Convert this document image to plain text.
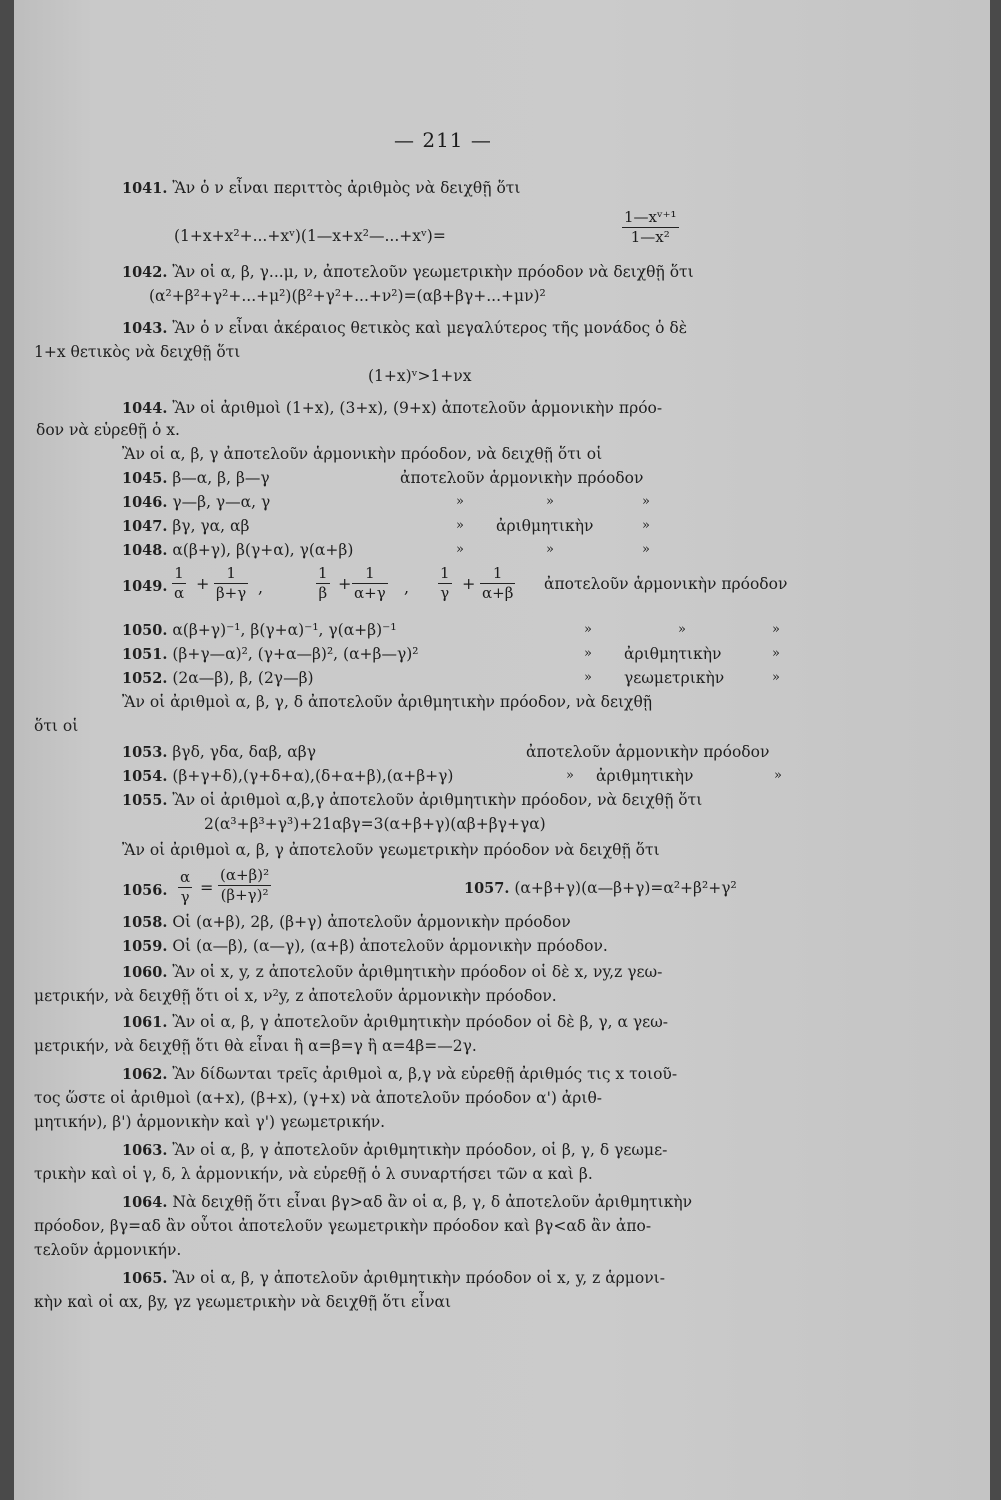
— 211 —
1041. Ἂν ὁ ν εἶναι περιττὸς ἀριθμὸς νὰ δειχθῇ ὅτι
(1+x+x²+...+xᵛ)(1—x+x²—...+xᵛ)=	$\frac{\text{1—xᵛ⁺¹}}{\text{1—x²}}$
1042. Ἂν οἱ α, β, γ...μ, ν, ἀποτελοῦν γεωμετρικὴν πρόοδον νὰ δειχθῇ ὅτι
(α²+β²+γ²+...+μ²)(β²+γ²+...+ν²)=(αβ+βγ+...+μν)²
1043. Ἂν ὁ ν εἶναι ἀκέραιος θετικὸς καὶ μεγαλύτερος τῆς μονάδος ὁ δὲ
1+x θετικὸς νὰ δειχθῇ ὅτι
(1+x)ᵛ>1+νx
1044. Ἂν οἱ ἀριθμοὶ (1+x), (3+x), (9+x) ἀποτελοῦν ἁρμονικὴν πρόο-
δον νὰ εὑρεθῇ ὁ x.
Ἂν οἱ α, β, γ ἀποτελοῦν ἁρμονικὴν πρόοδον, νὰ δειχθῇ ὅτι οἱ
1045. β—α, β, β—γ	ἀποτελοῦν ἁρμονικὴν πρόοδον
1046. γ—β, γ—α, γ	»	»	»
1047. βγ, γα, αβ	» ἀριθμητικὴν	»
1048. α(β+γ), β(γ+α), γ(α+β)	»	»	»
1049. $\frac{1}{\alpha} + \frac{1}{\beta+\gamma}$ ,	$\frac{1}{\beta} + \frac{1}{\alpha+\gamma}$ , $\frac{1}{\gamma} + \frac{1}{\alpha+\beta}$ ἀποτελοῦν ἁρμονικὴν πρόοδον
1050. α(β+γ)⁻¹, β(γ+α)⁻¹, γ(α+β)⁻¹	»	»	»
1051. (β+γ—α)², (γ+α—β)², (α+β—γ)²	» ἀριθμητικὴν	»
1052. (2α—β), β, (2γ—β)	» γεωμετρικὴν	»
Ἂν οἱ ἀριθμοὶ α, β, γ, δ ἀποτελοῦν ἀριθμητικὴν πρόοδον, νὰ δειχθῇ
ὅτι οἱ
1053. βγδ, γδα, δαβ, αβγ	ἀποτελοῦν ἁρμονικὴν πρόοδον
1054. (β+γ+δ),(γ+δ+α),(δ+α+β),(α+β+γ)	» ἀριθμητικὴν	»
1055. Ἂν οἱ ἀριθμοὶ α,β,γ ἀποτελοῦν ἀριθμητικὴν πρόοδον, νὰ δειχθῇ ὅτι
2(α³+β³+γ³)+21αβγ=3(α+β+γ)(αβ+βγ+γα)
Ἂν οἱ ἀριθμοὶ α, β, γ ἀποτελοῦν γεωμετρικὴν πρόοδον νὰ δειχθῇ ὅτι
1056. $\frac{\alpha}{\gamma} = \frac{\text{(α+β)²}}{\text{(β+γ)²}}$	1057. (α+β+γ)(α—β+γ)=α²+β²+γ²
1058. Οἱ (α+β), 2β, (β+γ) ἀποτελοῦν ἁρμονικὴν πρόοδον
1059. Οἱ (α—β), (α—γ), (α+β) ἀποτελοῦν ἁρμονικὴν πρόοδον.
1060. Ἂν οἱ x, y, z ἀποτελοῦν ἀριθμητικὴν πρόοδον οἱ δὲ x, νy,z γεω-
μετρικήν, νὰ δειχθῇ ὅτι οἱ x, ν²y, z ἀποτελοῦν ἁρμονικὴν πρόοδον.
1061. Ἂν οἱ α, β, γ ἀποτελοῦν ἀριθμητικὴν πρόοδον οἱ δὲ β, γ, α γεω-
μετρικήν, νὰ δειχθῇ ὅτι θὰ εἶναι ἢ α=β=γ ἢ α=4β=—2γ.
1062. Ἂν δίδωνται τρεῖς ἀριθμοὶ α, β,γ νὰ εὑρεθῇ ἀριθμός τις x τοιοῦ-
τος ὥστε οἱ ἀριθμοὶ (α+x), (β+x), (γ+x) νὰ ἀποτελοῦν πρόοδον α') ἀριθ-
μητικήν), β') ἁρμονικὴν καὶ γ') γεωμετρικήν.
1063. Ἂν οἱ α, β, γ ἀποτελοῦν ἀριθμητικὴν πρόοδον, οἱ β, γ, δ γεωμε-
τρικὴν καὶ οἱ γ, δ, λ ἁρμονικήν, νὰ εὑρεθῇ ὁ λ συναρτήσει τῶν α καὶ β.
1064. Νὰ δειχθῇ ὅτι εἶναι βγ>αδ ἂν οἱ α, β, γ, δ ἀποτελοῦν ἀριθμητικὴν
πρόοδον, βγ=αδ ἂν οὗτοι ἀποτελοῦν γεωμετρικὴν πρόοδον καὶ βγ<αδ ἂν ἀπο-
τελοῦν ἁρμονικήν.
1065. Ἂν οἱ α, β, γ ἀποτελοῦν ἀριθμητικὴν πρόοδον οἱ x, y, z ἁρμονι-
κὴν καὶ οἱ αx, βy, γz γεωμετρικὴν νὰ δειχθῇ ὅτι εἶναι
